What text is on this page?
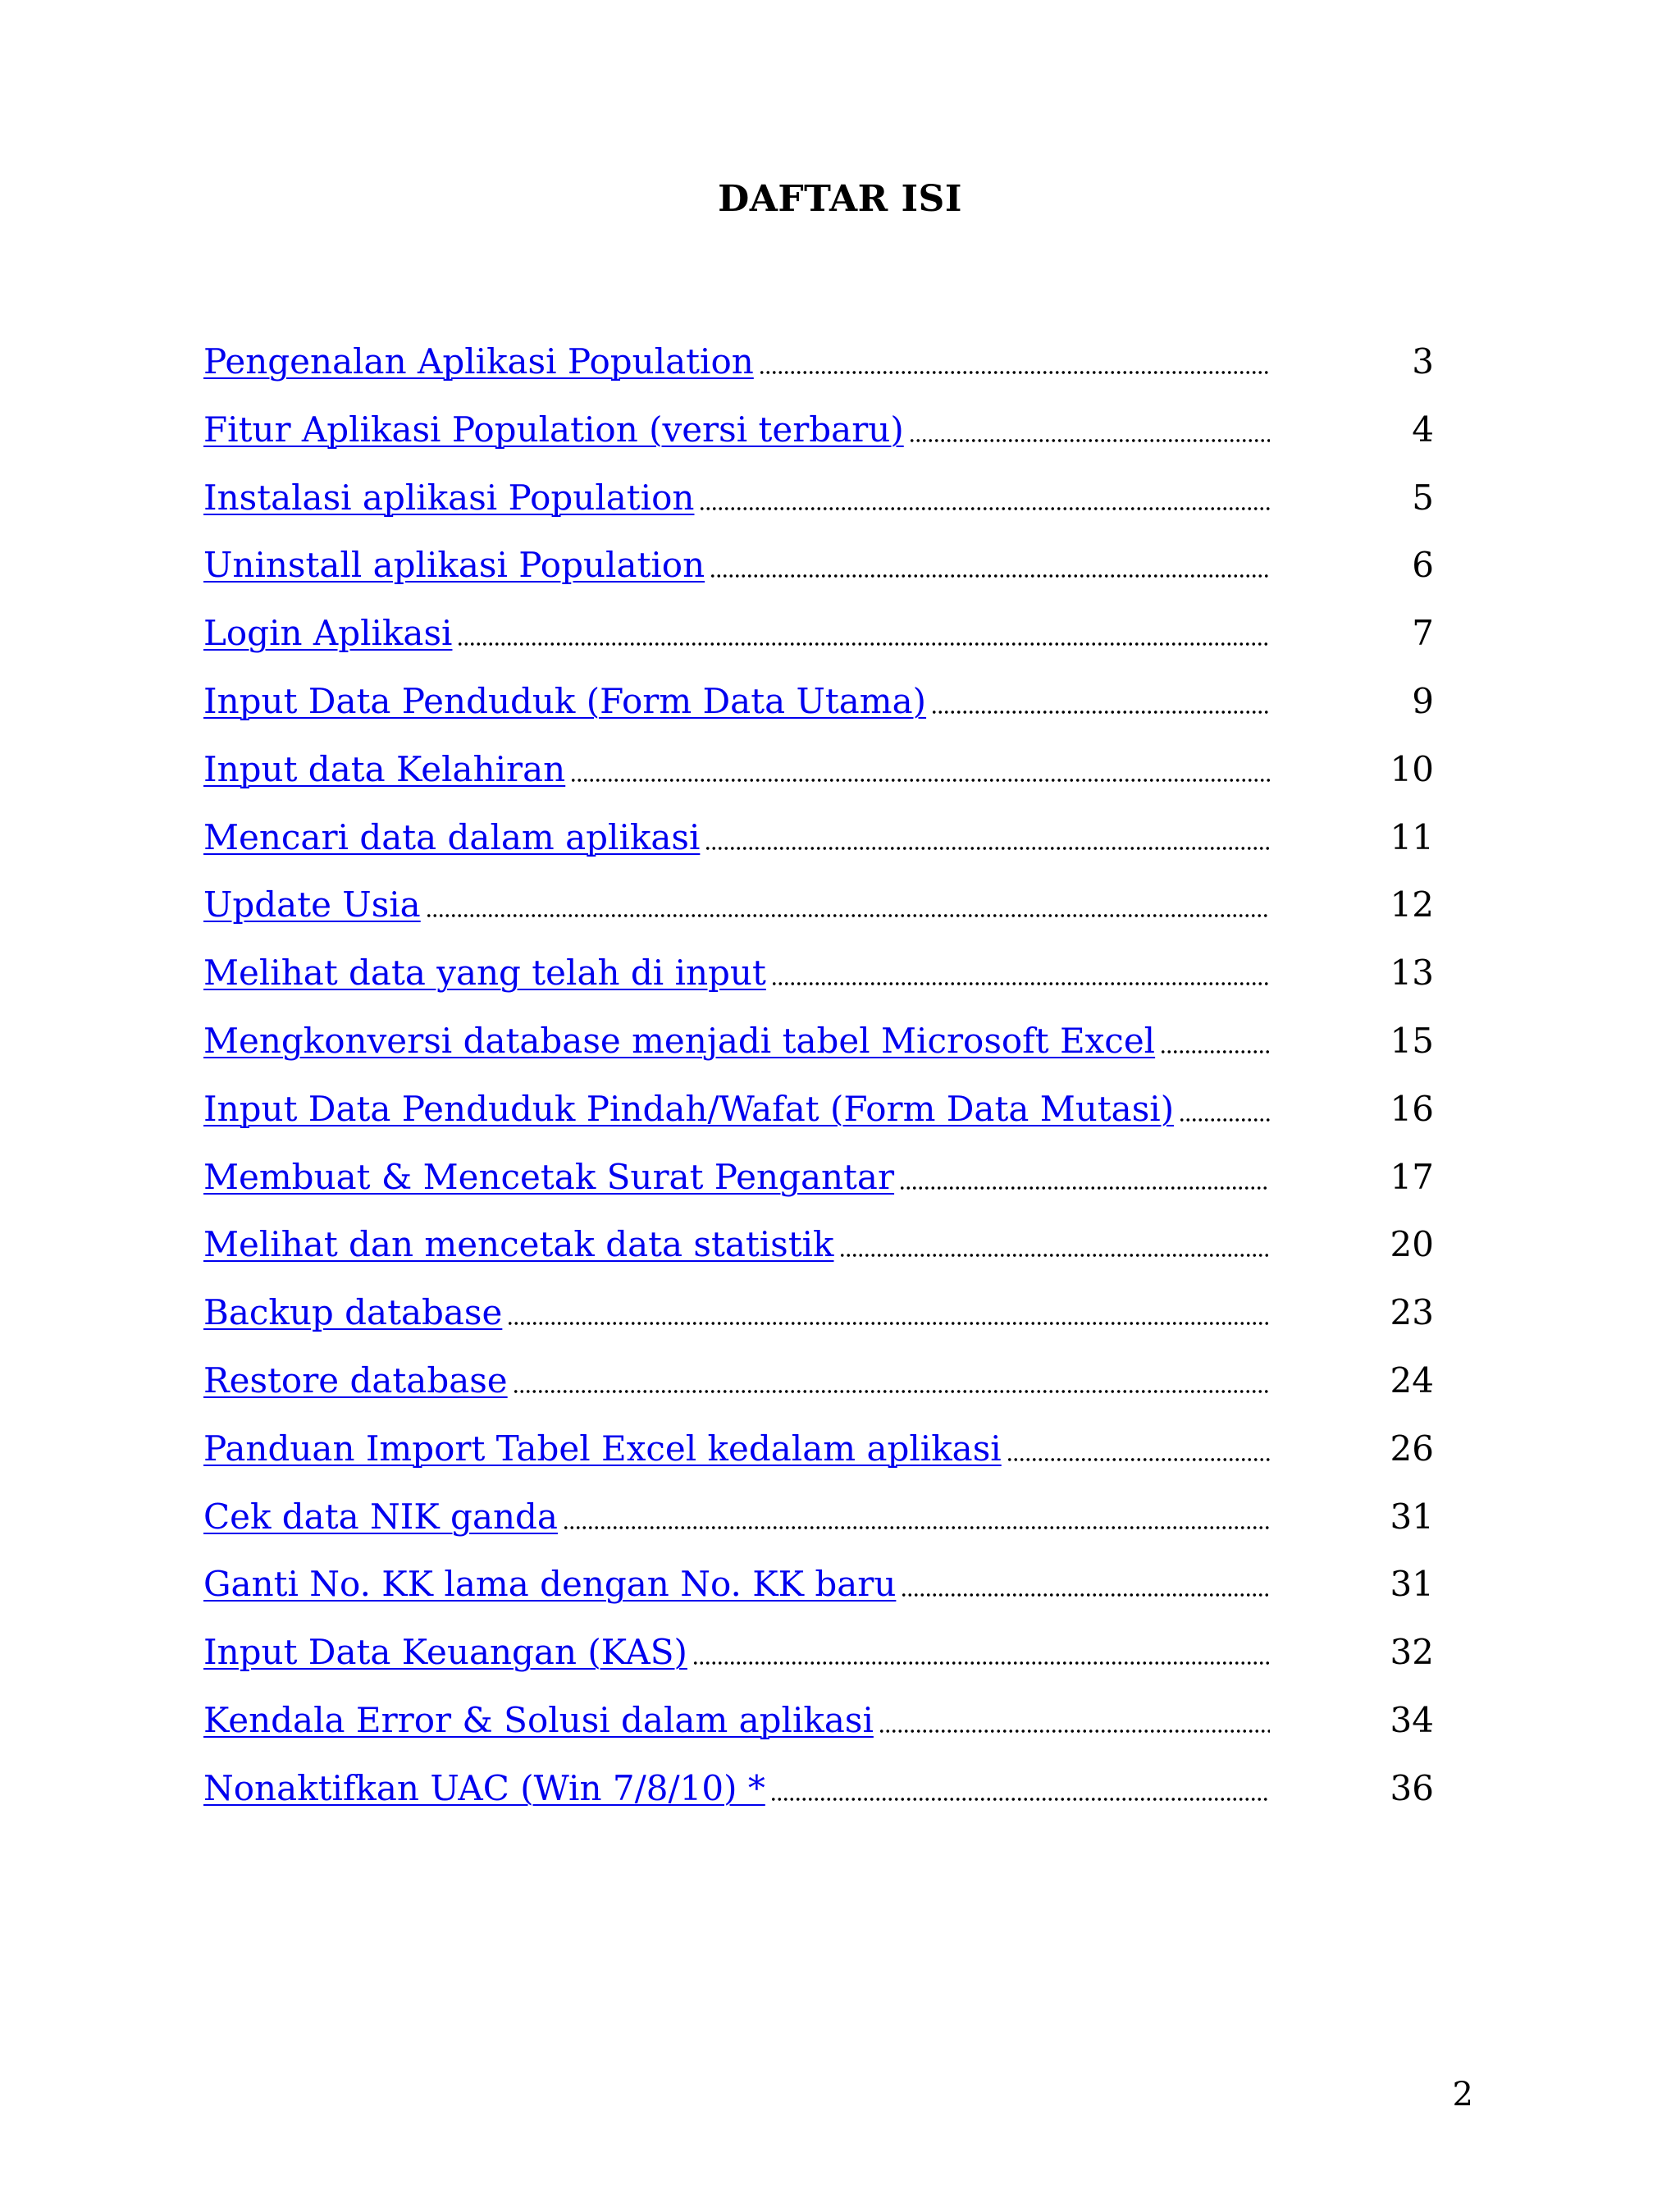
DAFTAR ISI
Pengenalan Aplikasi Population	3
Fitur Aplikasi Population (versi terbaru)	4
Instalasi aplikasi Population	5
Uninstall aplikasi Population	6
Login Aplikasi	7
Input Data Penduduk (Form Data Utama)	9
Input data Kelahiran	10
Mencari data dalam aplikasi	11
Update Usia	12
Melihat data yang telah di input	13
Mengkonversi database menjadi tabel Microsoft Excel	15
Input Data Penduduk Pindah/Wafat (Form Data Mutasi)	16
Membuat & Mencetak Surat Pengantar	17
Melihat dan mencetak data statistik	20
Backup database	23
Restore database	24
Panduan Import Tabel Excel kedalam aplikasi	26
Cek data NIK ganda	31
Ganti No. KK lama dengan No. KK baru	31
Input Data Keuangan (KAS)	32
Kendala Error & Solusi dalam aplikasi	34
Nonaktifkan UAC (Win 7/8/10) *	36
2
